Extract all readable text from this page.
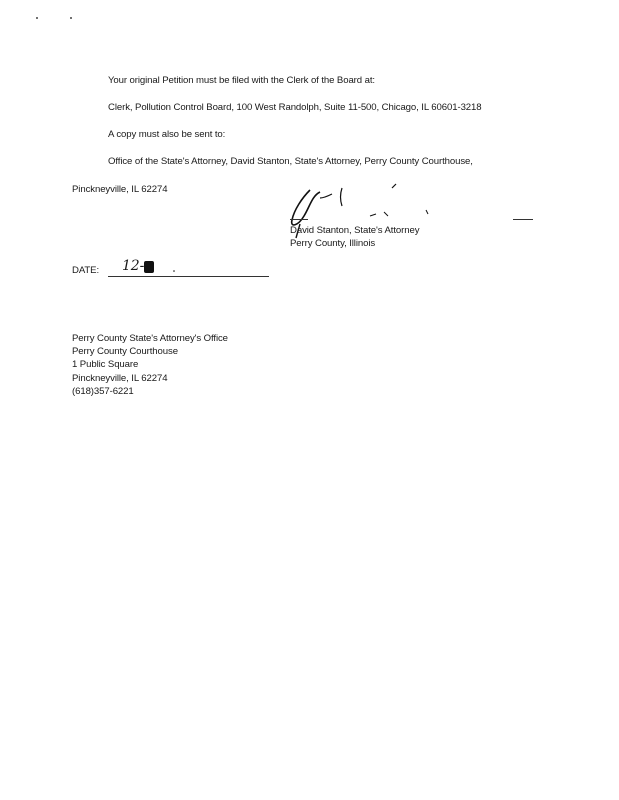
Your original Petition must be filed with the Clerk of the Board at:
Clerk, Pollution Control Board, 100 West Randolph, Suite 11-500, Chicago, IL 60601-3218
A copy must also be sent to:
Office of the State's Attorney, David Stanton, State's Attorney, Perry County Courthouse,
Pinckneyville, IL 62274
David Stanton, State's Attorney
Perry County, Illinois
DATE: 12-
Perry County State's Attorney's Office
Perry County Courthouse
1 Public Square
Pinckneyville, IL 62274
(618)357-6221
